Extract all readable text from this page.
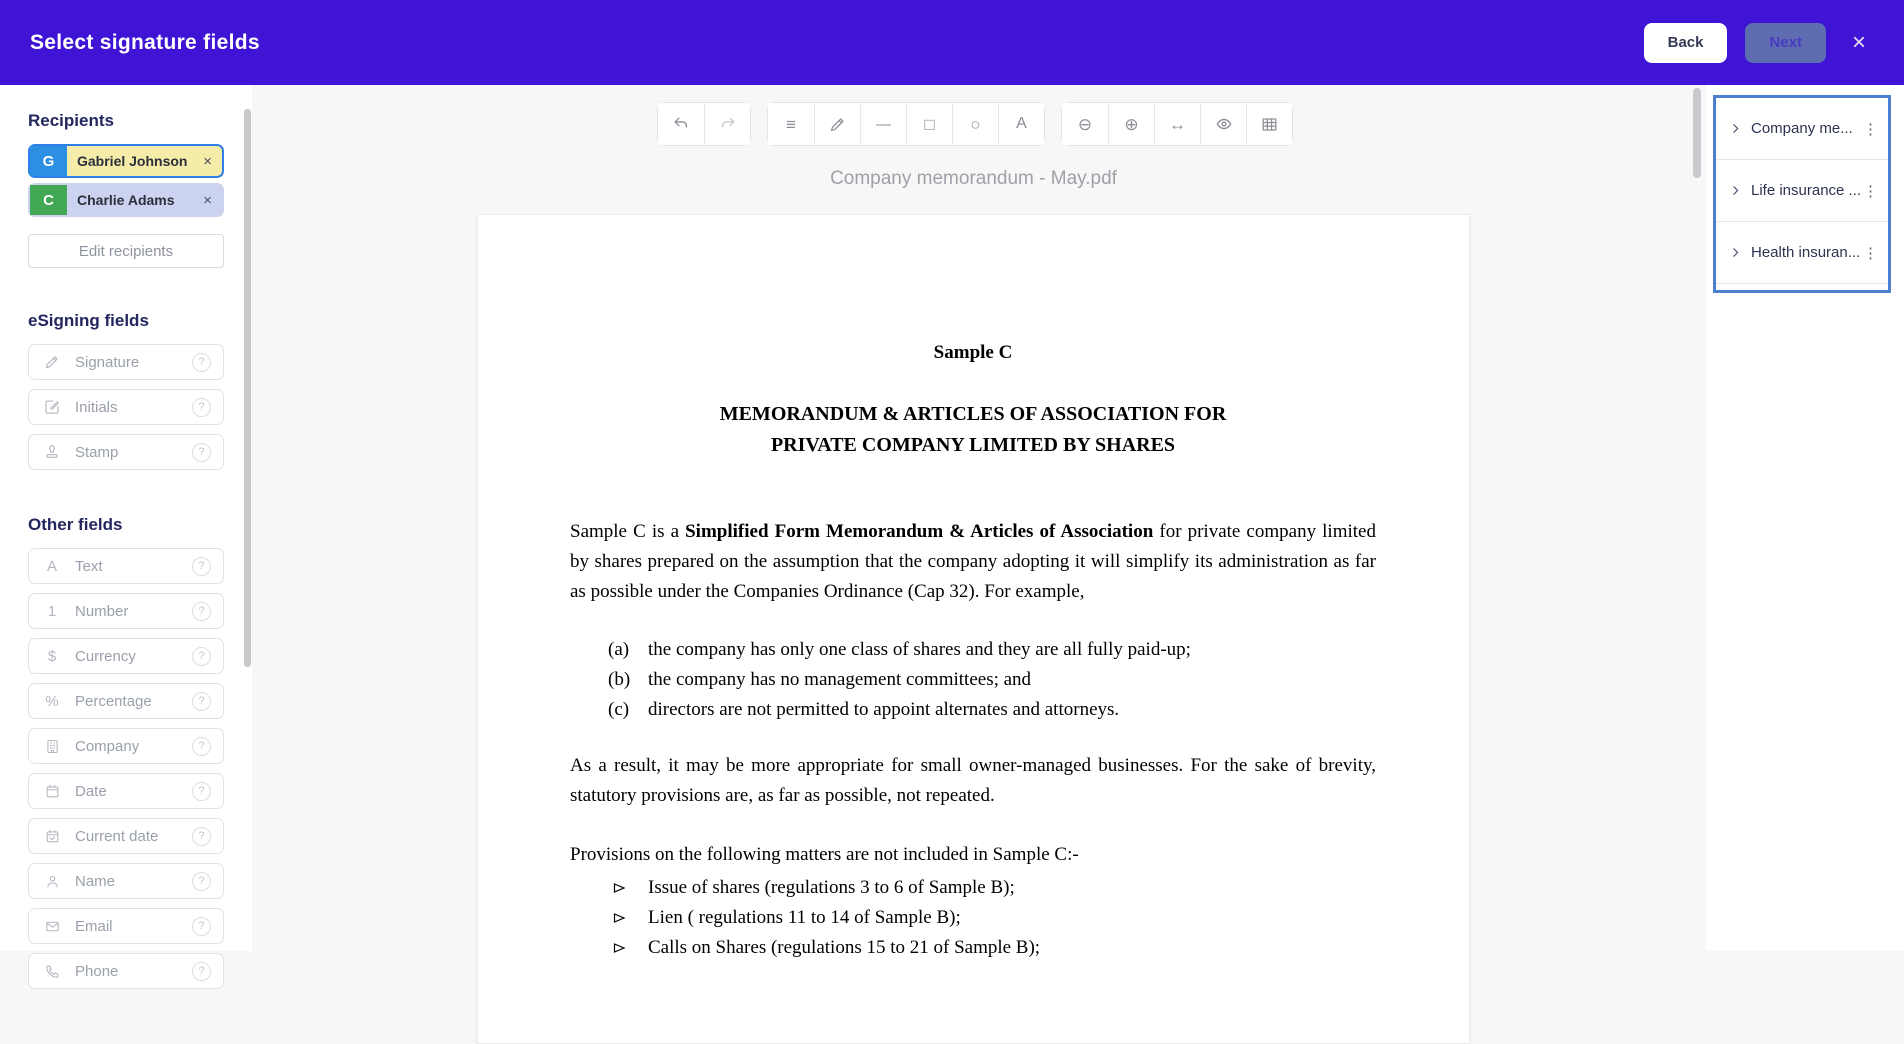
Select signature fields	Back	Next	×
Recipients
G	Gabriel Johnson	×
C	Charlie Adams	×
Edit recipients
eSigning fields
Signature	?
Initials	?
Stamp	?
Other fields
A Text	?
1 Number	?
$ Currency	?
% Percentage	?
Company	?
Date	?
Current date	?
Name	?
Email	?
Phone	?
≡	— □ ○ A	⊖ ⊕ ↔
Company memorandum - May.pdf
Sample C
MEMORANDUM & ARTICLES OF ASSOCIATION FOR
PRIVATE COMPANY LIMITED BY SHARES

Sample C is a Simplified Form Memorandum & Articles of Association for private company limited by shares prepared on the assumption that the company adopting it will simplify its administration as far as possible under the Companies Ordinance (Cap 32). For example,

(a) the company has only one class of shares and they are all fully paid-up;
(b) the company has no management committees; and
(c) directors are not permitted to appoint alternates and attorneys.

As a result, it may be more appropriate for small owner-managed businesses. For the sake of brevity, statutory provisions are, as far as possible, not repeated.

Provisions on the following matters are not included in Sample C:-

Issue of shares (regulations 3 to 6 of Sample B);
Lien ( regulations 11 to 14 of Sample B);
Calls on Shares (regulations 15 to 21 of Sample B);
Company me... ⋮
Life insurance ... ⋮
Health insuran... ⋮
